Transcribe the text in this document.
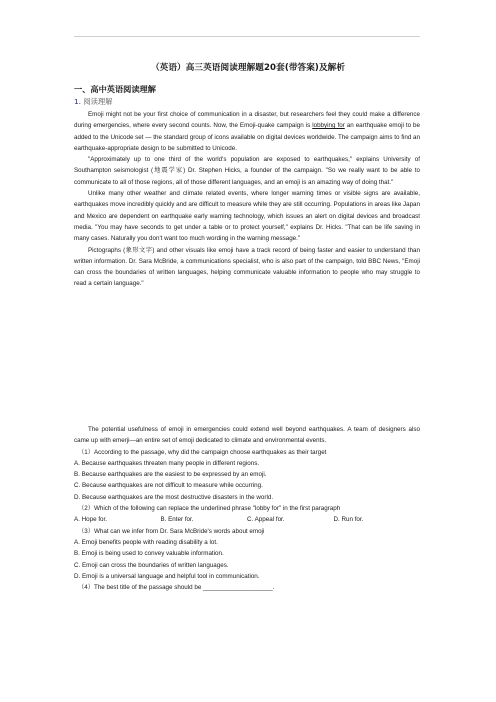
（英语）高三英语阅读理解题20套(带答案)及解析
一、高中英语阅读理解
1. 阅读理解

Emoji might not be your first choice of communication in a disaster, but researchers feel they could make a difference during emergencies, where every second counts. Now, the Emoji-quake campaign is lobbying for an earthquake emoji to be added to the Unicode set — the standard group of icons available on digital devices worldwide. The campaign aims to find an earthquake-appropriate design to be submitted to Unicode.

"Approximately up to one third of the world's population are exposed to earthquakes," explains University of Southampton seismologist (地震学家) Dr. Stephen Hicks, a founder of the campaign. "So we really want to be able to communicate to all of those regions, all of those different languages, and an emoji is an amazing way of doing that."

Unlike many other weather and climate related events, where longer warning times or visible signs are available, earthquakes move incredibly quickly and are difficult to measure while they are still occurring. Populations in areas like Japan and Mexico are dependent on earthquake early warning technology, which issues an alert on digital devices and broadcast media. "You may have seconds to get under a table or to protect yourself," explains Dr. Hicks. "That can be life saving in many cases. Naturally you don't want too much wording in the warning message."

Pictographs (象形文字) and other visuals like emoji have a track record of being faster and easier to understand than written information. Dr. Sara McBride, a communications specialist, who is also part of the campaign, told BBC News, "Emoji can cross the boundaries of written languages, helping communicate valuable information to people who may struggle to read a certain language."

The potential usefulness of emoji in emergencies could extend well beyond earthquakes. A team of designers also came up with emerji—an entire set of emoji dedicated to climate and environmental events.

（1）According to the passage, why did the campaign choose earthquakes as their target

A. Because earthquakes threaten many people in different regions.

B. Because earthquakes are the easiest to be expressed by an emoji.

C. Because earthquakes are not difficult to measure while occurring.

D. Because earthquakes are the most destructive disasters in the world.

（2）Which of the following can replace the underlined phrase "lobby for" in the first paragraph

A. Hope for.	B. Enter for.	C. Appeal for.	D. Run for.

（3）What can we infer from Dr. Sara McBride's words about emoji

A. Emoji benefits people with reading disability a lot.

B. Emoji is being used to convey valuable information.

C. Emoji can cross the boundaries of written languages.

D. Emoji is a universal language and helpful tool in communication.

（4）The best title of the passage should be ____________________.
